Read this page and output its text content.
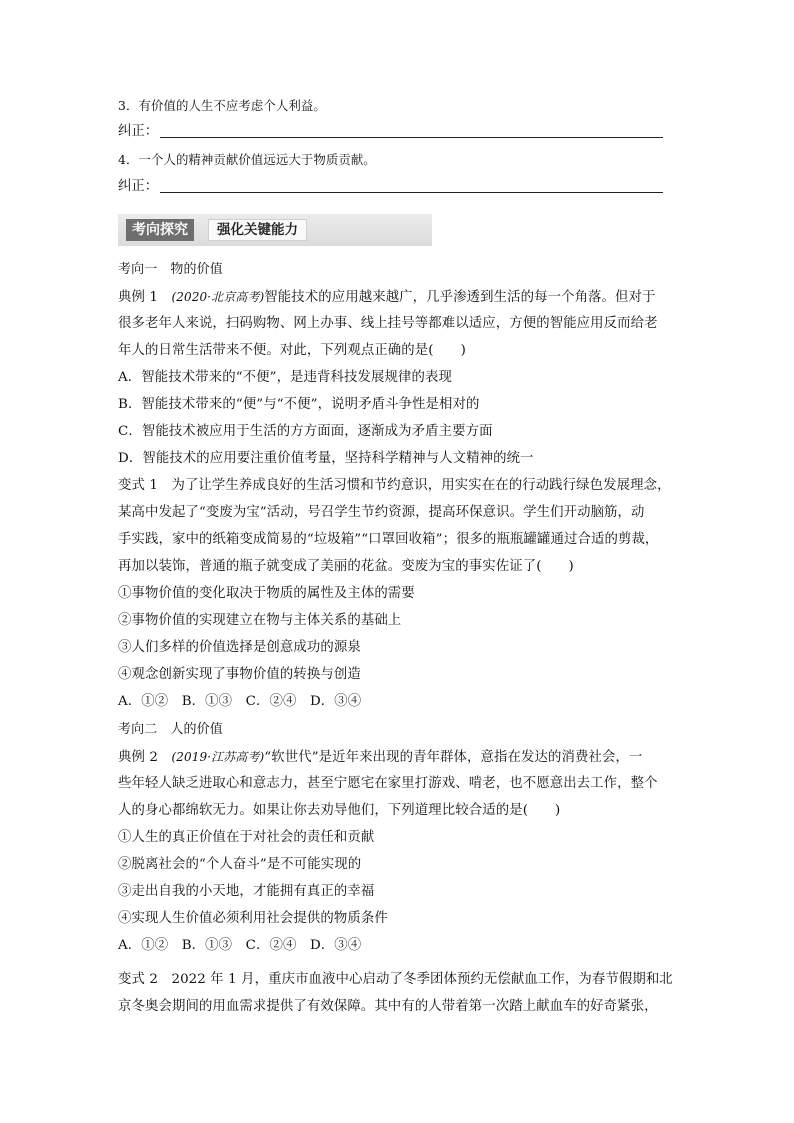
3．有价值的人生不应考虑个人利益。
纠正：
4．一个人的精神贡献价值远远大于物质贡献。
纠正：
考向探究	强化关键能力
考向一　物的价值
典例 1　(2020·北京高考)智能技术的应用越来越广，几乎渗透到生活的每一个角落。但对于
很多老年人来说，扫码购物、网上办事、线上挂号等都难以适应，方便的智能应用反而给老
年人的日常生活带来不便。对此，下列观点正确的是(　　)
A．智能技术带来的“不便”，是违背科技发展规律的表现
B．智能技术带来的“便”与“不便”，说明矛盾斗争性是相对的
C．智能技术被应用于生活的方方面面，逐渐成为矛盾主要方面
D．智能技术的应用要注重价值考量，坚持科学精神与人文精神的统一
变式 1　为了让学生养成良好的生活习惯和节约意识，用实实在在的行动践行绿色发展理念，
某高中发起了“变废为宝”活动，号召学生节约资源，提高环保意识。学生们开动脑筋，动
手实践，家中的纸箱变成简易的“垃圾箱”“口罩回收箱”；很多的瓶瓶罐罐通过合适的剪裁，
再加以装饰，普通的瓶子就变成了美丽的花盆。变废为宝的事实佐证了(　　)
①事物价值的变化取决于物质的属性及主体的需要
②事物价值的实现建立在物与主体关系的基础上
③人们多样的价值选择是创意成功的源泉
④观念创新实现了事物价值的转换与创造
A．①②　B．①③　C．②④　D．③④
考向二　人的价值
典例 2　(2019·江苏高考)“软世代”是近年来出现的青年群体，意指在发达的消费社会，一
些年轻人缺乏进取心和意志力，甚至宁愿宅在家里打游戏、啃老，也不愿意出去工作，整个
人的身心都绵软无力。如果让你去劝导他们，下列道理比较合适的是(　　)
①人生的真正价值在于对社会的责任和贡献
②脱离社会的“个人奋斗”是不可能实现的
③走出自我的小天地，才能拥有真正的幸福
④实现人生价值必须利用社会提供的物质条件
A．①②　B．①③　C．②④　D．③④
变式 2　2022 年 1 月，重庆市血液中心启动了冬季团体预约无偿献血工作，为春节假期和北
京冬奥会期间的用血需求提供了有效保障。其中有的人带着第一次踏上献血车的好奇紧张，
